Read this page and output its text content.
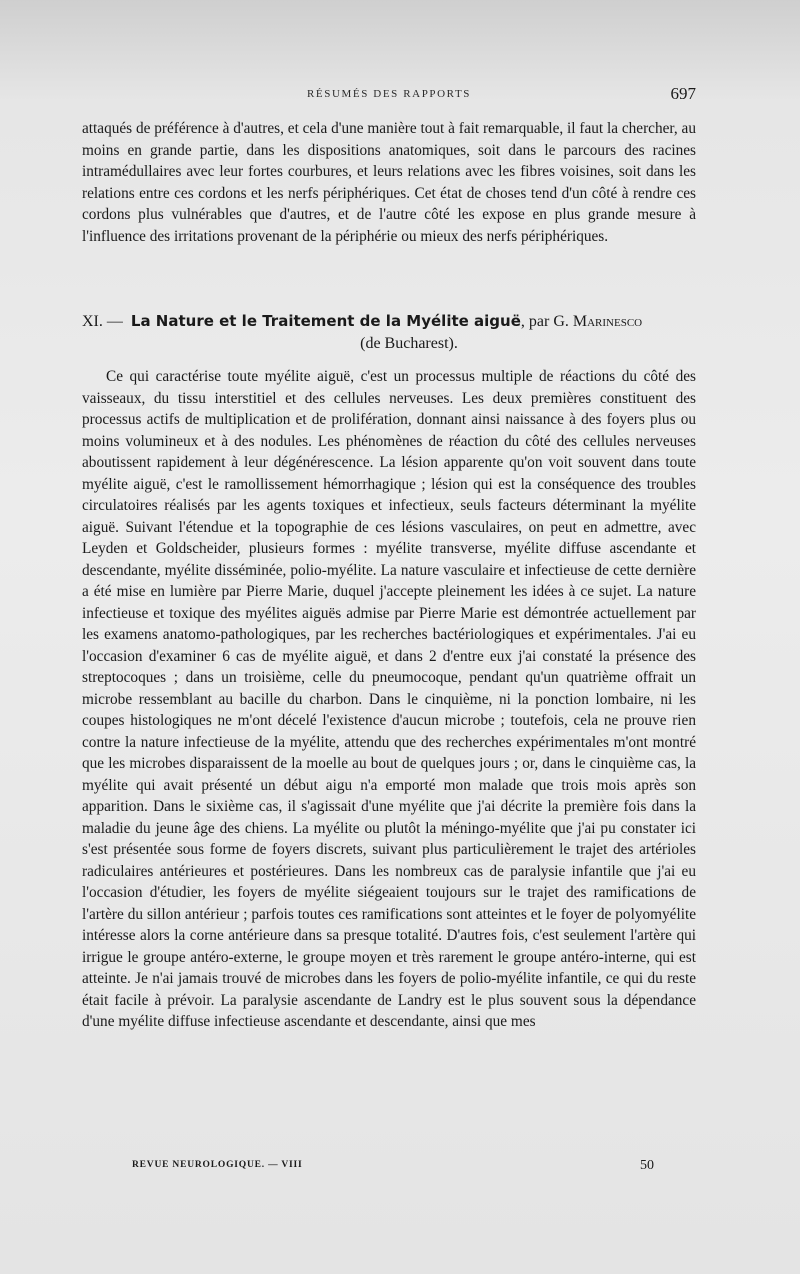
RÉSUMÉS DES RAPPORTS	697

attaqués de préférence à d'autres, et cela d'une manière tout à fait remarquable, il faut la chercher, au moins en grande partie, dans les dispositions anatomiques, soit dans le parcours des racines intramédullaires avec leur fortes courbures, et leurs relations avec les fibres voisines, soit dans les relations entre ces cordons et les nerfs périphériques. Cet état de choses tend d'un côté à rendre ces cordons plus vulnérables que d'autres, et de l'autre côté les expose en plus grande mesure à l'influence des irritations provenant de la périphérie ou mieux des nerfs périphériques.

XI. — La Nature et le Traitement de la Myélite aiguë, par G. Marinesco
(de Bucharest).

Ce qui caractérise toute myélite aiguë, c'est un processus multiple de réactions du côté des vaisseaux, du tissu interstitiel et des cellules nerveuses. Les deux premières constituent des processus actifs de multiplication et de prolifération, donnant ainsi naissance à des foyers plus ou moins volumineux et à des nodules. Les phénomènes de réaction du côté des cellules nerveuses aboutissent rapidement à leur dégénérescence. La lésion apparente qu'on voit souvent dans toute myélite aiguë, c'est le ramollissement hémorrhagique ; lésion qui est la conséquence des troubles circulatoires réalisés par les agents toxiques et infectieux, seuls facteurs déterminant la myélite aiguë. Suivant l'étendue et la topographie de ces lésions vasculaires, on peut en admettre, avec Leyden et Goldscheider, plusieurs formes : myélite transverse, myélite diffuse ascendante et descendante, myélite disséminée, polio-myélite. La nature vasculaire et infectieuse de cette dernière a été mise en lumière par Pierre Marie, duquel j'accepte pleinement les idées à ce sujet. La nature infectieuse et toxique des myélites aiguës admise par Pierre Marie est démontrée actuellement par les examens anatomo-pathologiques, par les recherches bactériologiques et expérimentales. J'ai eu l'occasion d'examiner 6 cas de myélite aiguë, et dans 2 d'entre eux j'ai constaté la présence des streptocoques ; dans un troisième, celle du pneumocoque, pendant qu'un quatrième offrait un microbe ressemblant au bacille du charbon. Dans le cinquième, ni la ponction lombaire, ni les coupes histologiques ne m'ont décelé l'existence d'aucun microbe ; toutefois, cela ne prouve rien contre la nature infectieuse de la myélite, attendu que des recherches expérimentales m'ont montré que les microbes disparaissent de la moelle au bout de quelques jours ; or, dans le cinquième cas, la myélite qui avait présenté un début aigu n'a emporté mon malade que trois mois après son apparition. Dans le sixième cas, il s'agissait d'une myélite que j'ai décrite la première fois dans la maladie du jeune âge des chiens. La myélite ou plutôt la méningo-myélite que j'ai pu constater ici s'est présentée sous forme de foyers discrets, suivant plus particulièrement le trajet des artérioles radiculaires antérieures et postérieures. Dans les nombreux cas de paralysie infantile que j'ai eu l'occasion d'étudier, les foyers de myélite siégeaient toujours sur le trajet des ramifications de l'artère du sillon antérieur ; parfois toutes ces ramifications sont atteintes et le foyer de polyomyélite intéresse alors la corne antérieure dans sa presque totalité. D'autres fois, c'est seulement l'artère qui irrigue le groupe antéro-externe, le groupe moyen et très rarement le groupe antéro-interne, qui est atteinte. Je n'ai jamais trouvé de microbes dans les foyers de polio-myélite infantile, ce qui du reste était facile à prévoir. La paralysie ascendante de Landry est le plus souvent sous la dépendance d'une myélite diffuse infectieuse ascendante et descendante, ainsi que mes

REVUE NEUROLOGIQUE. — VIII	50
